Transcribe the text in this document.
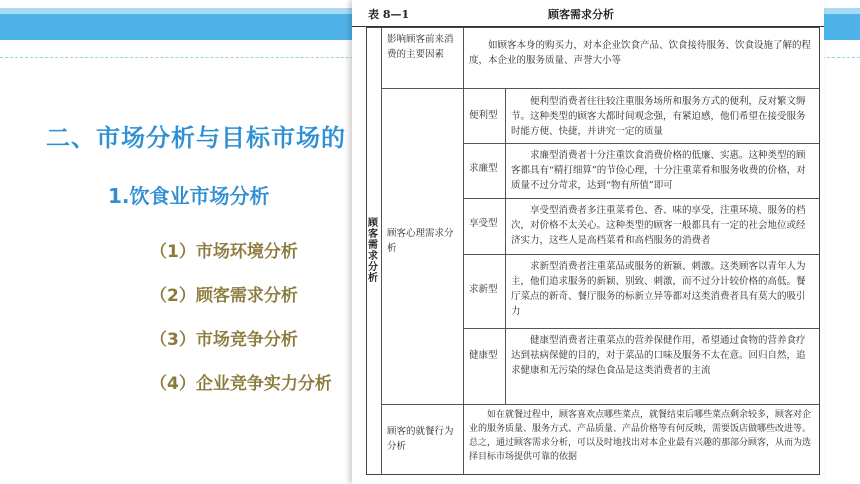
二、市场分析与目标市场的
1.饮食业市场分析
（1）市场环境分析
（2）顾客需求分析
（3）市场竞争分析
（4）企业竞争实力分析
表 8—1	顾客需求分析
顾客需求分析
影响顾客前来消费的主要因素
如顾客本身的购买力，对本企业饮食产品、饮食接待服务、饮食设施了解的程度，本企业的服务质量、声誉大小等
顾客心理需求分析
便利型
便利型消费者往往较注重服务场所和服务方式的便利，反对繁文缛节。这种类型的顾客大都时间观念强，有紧迫感，他们希望在接受服务时能方便、快捷，并讲究一定的质量
求廉型
求廉型消费者十分注重饮食消费价格的低廉、实惠。这种类型的顾客都具有“精打细算”的节俭心理，十分注重菜肴和服务收费的价格，对质量不过分苛求，达到“物有所值”即可
享受型
享受型消费者多注重菜肴色、香、味的享受，注重环境、服务的档次，对价格不太关心。这种类型的顾客一般都具有一定的社会地位或经济实力，这些人是高档菜肴和高档服务的消费者
求新型
求新型消费者注重菜品或服务的新颖、刺激。这类顾客以青年人为主，他们追求服务的新颖、别致、刺激，而不过分计较价格的高低。餐厅菜点的新奇、餐厅服务的标新立异等都对这类消费者具有莫大的吸引力
健康型
健康型消费者注重菜点的营养保健作用，希望通过食物的营养食疗达到祛病保健的目的，对于菜品的口味及服务不太在意。回归自然，追求健康和无污染的绿色食品是这类消费者的主流
顾客的就餐行为分析
如在就餐过程中，顾客喜欢点哪些菜点，就餐结束后哪些菜点剩余较多，顾客对企业的服务质量、服务方式、产品质量、产品价格等有何反映，需要饭店做哪些改进等。总之，通过顾客需求分析，可以及时地找出对本企业最有兴趣的那部分顾客，从而为选择目标市场提供可靠的依据
